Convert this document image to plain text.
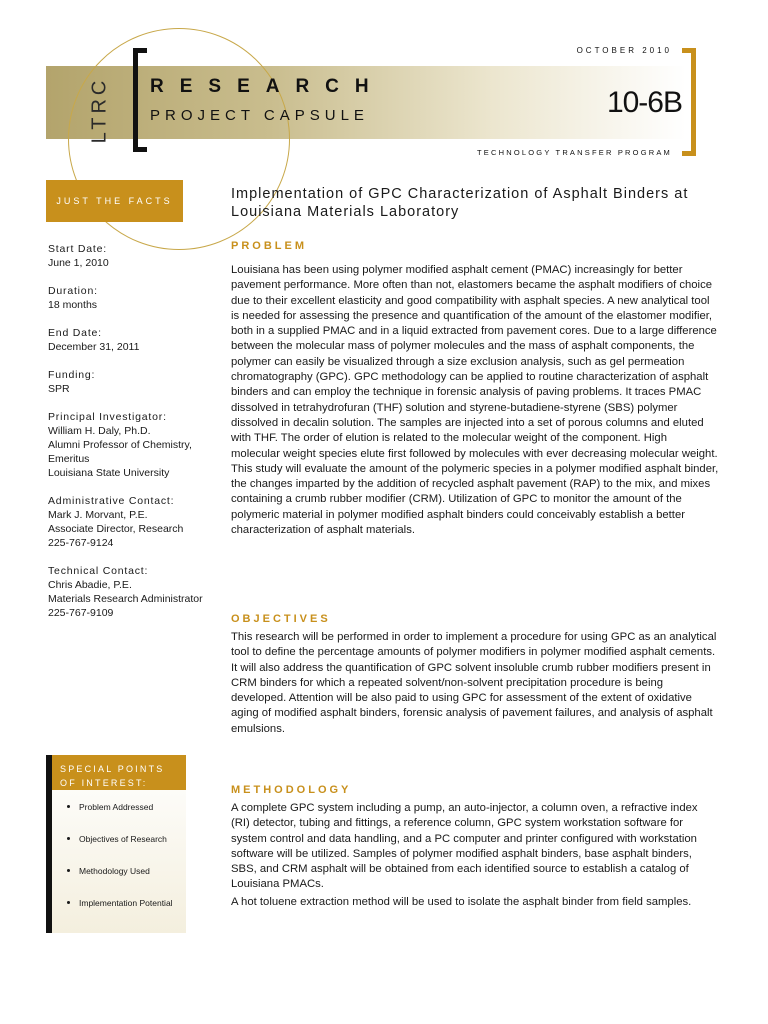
LTRC RESEARCH
PROJECT CAPSULE
OCTOBER 2010
10-6B
TECHNOLOGY TRANSFER PROGRAM
JUST THE FACTS
Start Date:
June 1, 2010
Duration:
18 months
End Date:
December 31, 2011
Funding:
SPR
Principal Investigator:
William H. Daly, Ph.D.
Alumni Professor of Chemistry, Emeritus
Louisiana State University
Administrative Contact:
Mark J. Morvant, P.E.
Associate Director, Research
225-767-9124
Technical Contact:
Chris Abadie, P.E.
Materials Research Administrator
225-767-9109
SPECIAL POINTS OF INTEREST:
Problem Addressed
Objectives of Research
Methodology Used
Implementation Potential
Implementation of GPC Characterization of Asphalt Binders at Louisiana Materials Laboratory
PROBLEM
Louisiana has been using polymer modified asphalt cement (PMAC) increasingly for better pavement performance. More often than not, elastomers became the asphalt modifiers of choice due to their excellent elasticity and good compatibility with asphalt species. A new analytical tool is needed for assessing the presence and quantification of the amount of the elastomer modifier, both in a supplied PMAC and in a liquid extracted from pavement cores. Due to a large difference between the molecular mass of polymer molecules and the mass of asphalt components, the polymer can easily be visualized through a size exclusion analysis, such as gel permeation chromatography (GPC). GPC methodology can be applied to routine characterization of asphalt binders and can employ the technique in forensic analysis of paving problems. It traces PMAC dissolved in tetrahydrofuran (THF) solution and styrene-butadiene-styrene (SBS) polymer dissolved in decalin solution. The samples are injected into a set of porous columns and eluted with THF. The order of elution is related to the molecular weight of the component. High molecular weight species elute first followed by molecules with ever decreasing molecular weight. This study will evaluate the amount of the polymeric species in a polymer modified asphalt binder, the changes imparted by the addition of recycled asphalt pavement (RAP) to the mix, and mixes containing a crumb rubber modifier (CRM). Utilization of GPC to monitor the amount of the polymeric material in polymer modified asphalt binders could conceivably establish a better characterization of asphalt materials.
OBJECTIVES
This research will be performed in order to implement a procedure for using GPC as an analytical tool to define the percentage amounts of polymer modifiers in polymer modified asphalt cements. It will also address the quantification of GPC solvent insoluble crumb rubber modifiers present in CRM binders for which a repeated solvent/non-solvent precipitation procedure is being developed. Attention will be also paid to using GPC for assessment of the extent of oxidative aging of modified asphalt binders, forensic analysis of pavement failures, and analysis of asphalt emulsions.
METHODOLOGY
A complete GPC system including a pump, an auto-injector, a column oven, a refractive index (RI) detector, tubing and fittings, a reference column, GPC system workstation software for system control and data handling, and a PC computer and printer configured with workstation software will be utilized. Samples of polymer modified asphalt binders, base asphalt binders, SBS, and CRM asphalt will be obtained from each identified source to establish a catalog of Louisiana PMACs.
A hot toluene extraction method will be used to isolate the asphalt binder from field samples.
